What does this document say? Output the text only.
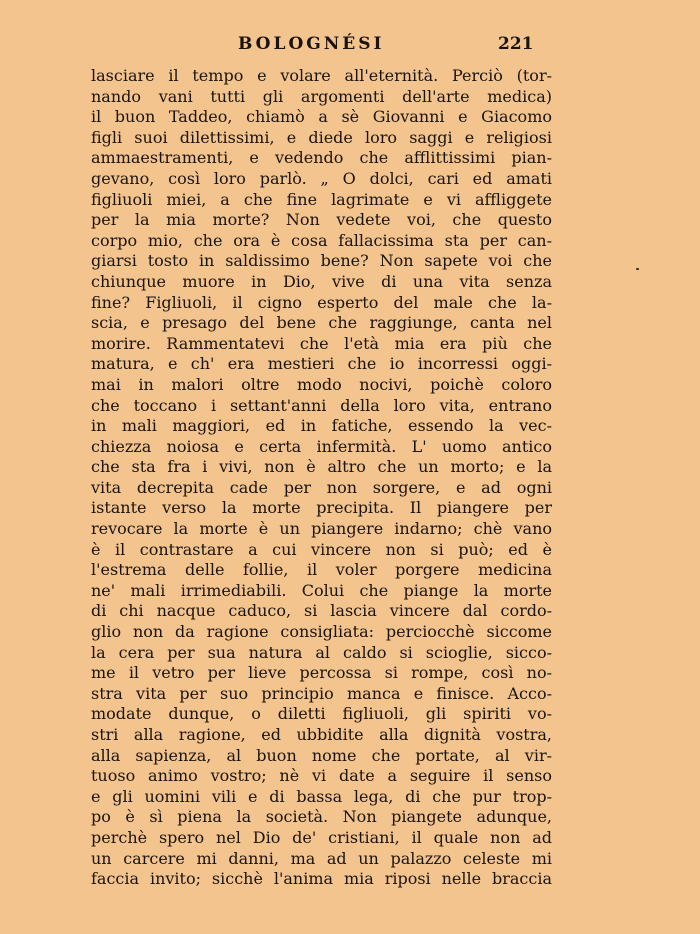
BOLOGNÉSI	221
lasciare il tempo e volare all'eternità. Perciò (tor-
nando vani tutti gli argomenti dell'arte medica)
il buon Taddeo, chiamò a sè Giovanni e Giacomo
figli suoi dilettissimi, e diede loro saggi e religiosi
ammaestramenti, e vedendo che afflittissimi pian-
gevano, così loro parlò. „ O dolci, cari ed amati
figliuoli miei, a che fine lagrimate e vi affliggete
per la mia morte? Non vedete voi, che questo
corpo mio, che ora è cosa fallacissima sta per can-
giarsi tosto in saldissimo bene? Non sapete voi che
chiunque muore in Dio, vive di una vita senza
fine? Figliuoli, il cigno esperto del male che la-
scia, e presago del bene che raggiunge, canta nel
morire. Rammentatevi che l'età mia era più che
matura, e ch' era mestieri che io incorressi oggi-
mai in malori oltre modo nocivi, poichè coloro
che toccano i settant'anni della loro vita, entrano
in mali maggiori, ed in fatiche, essendo la vec-
chiezza noiosa e certa infermità. L' uomo antico
che sta fra i vivi, non è altro che un morto; e la
vita decrepita cade per non sorgere, e ad ogni
istante verso la morte precipita. Il piangere per
revocare la morte è un piangere indarno; chè vano
è il contrastare a cui vincere non si può; ed è
l'estrema delle follie, il voler porgere medicina
ne' mali irrimediabili. Colui che piange la morte
di chi nacque caduco, si lascia vincere dal cordo-
glio non da ragione consigliata: perciocchè siccome
la cera per sua natura al caldo si scioglie, sicco-
me il vetro per lieve percossa si rompe, così no-
stra vita per suo principio manca e finisce. Acco-
modate dunque, o diletti figliuoli, gli spiriti vo-
stri alla ragione, ed ubbidite alla dignità vostra,
alla sapienza, al buon nome che portate, al vir-
tuoso animo vostro; nè vi date a seguire il senso
e gli uomini vili e di bassa lega, di che pur trop-
po è sì piena la società. Non piangete adunque,
perchè spero nel Dio de' cristiani, il quale non ad
un carcere mi danni, ma ad un palazzo celeste mi
faccia invito; sicchè l'anima mia riposi nelle braccia
